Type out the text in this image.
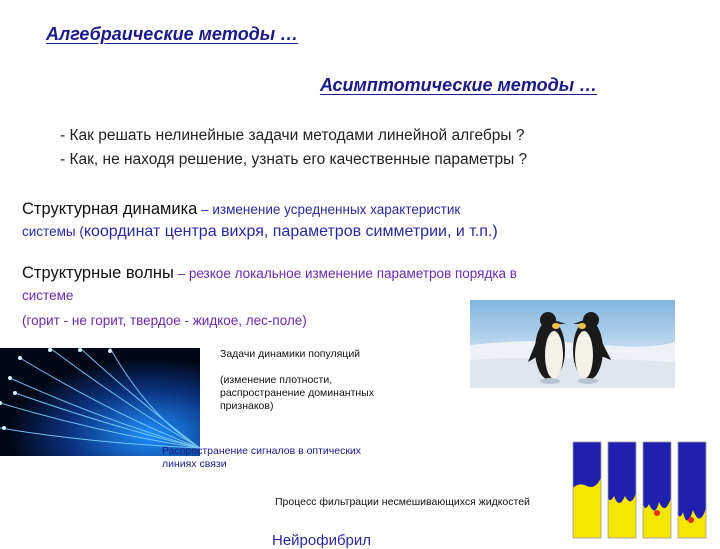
Алгебраические методы …
Асимптотические методы …
- Как решать нелинейные задачи методами линейной алгебры ?
- Как, не находя решение, узнать его качественные параметры ?
Структурная динамика – изменение усредненных характеристик
системы (координат центра вихря, параметров симметрии, и т.п.)
Структурные волны – резкое локальное изменение параметров порядка в
системе
(горит - не горит, твердое - жидкое, лес-поле)
Задачи динамики популяций
(изменение плотности, распространение доминантных признаков)
Распространение сигналов в оптических линиях связи
Процесс фильтрации несмешивающихся жидкостей
Нейрофибрил
